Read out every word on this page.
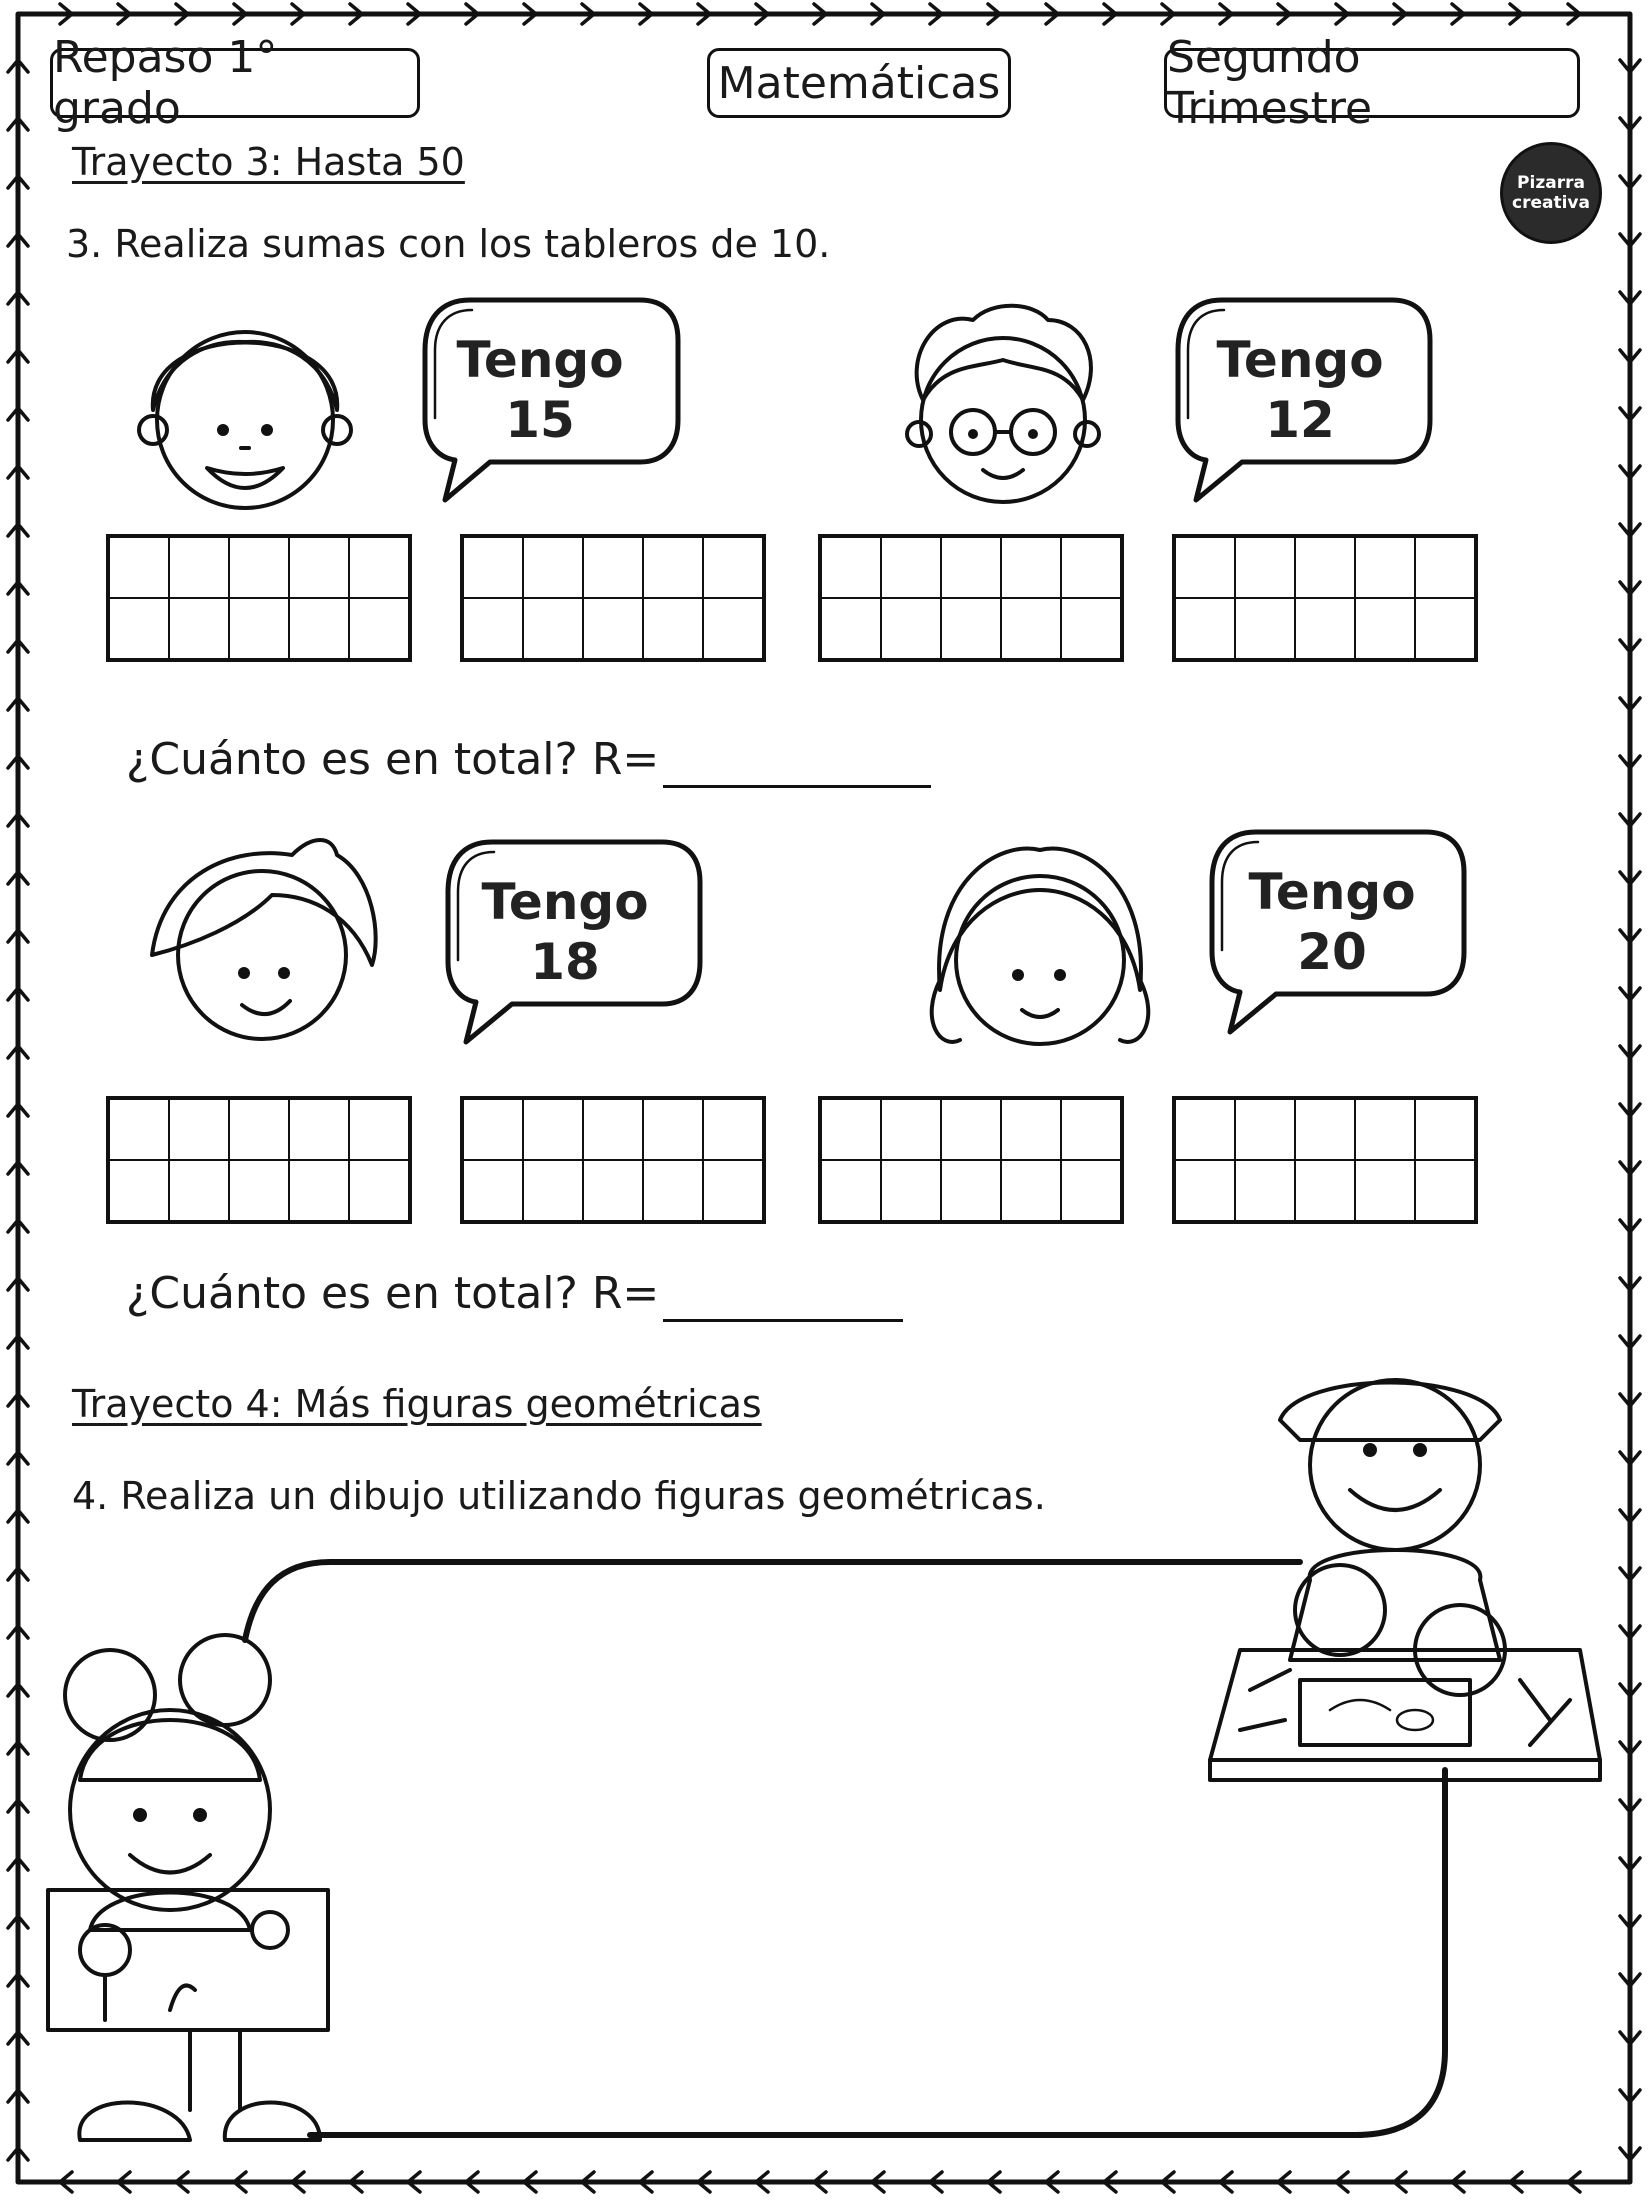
Repaso 1° grado	Matemáticas	Segundo Trimestre
Pizarra
creativa
Trayecto 3: Hasta 50
3. Realiza sumas con los tableros de 10.
Tengo
15
Tengo
12
Tengo
18
Tengo
20
¿Cuánto es en total? R=
¿Cuánto es en total? R=
Trayecto 4: Más figuras geométricas
4. Realiza un dibujo utilizando figuras geométricas.
